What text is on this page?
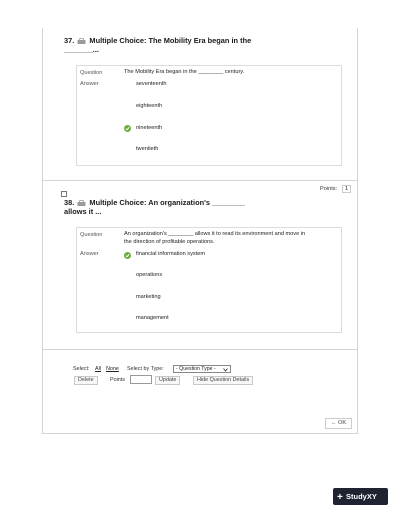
37. Multiple Choice: The Mobility Era began in the
_______...
Question	The Mobility Era began in the ________ century.
Answer	seventeenth
eighteenth
nineteenth
twentieth
Points:	1
38. Multiple Choice: An organization's ________
allows it ...
Question	An organization's ________ allows it to read its environment and move in
the direction of profitable operations.
Answer	financial information system
operations
marketing
management
Select: All None Select by Type:	- Question Type -
Delete	Points	Update	Hide Question Details
← OK
+ StudyXY
